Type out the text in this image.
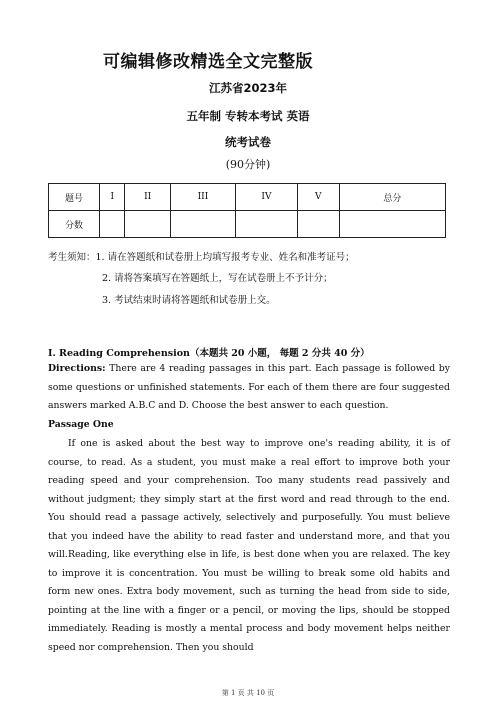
可编辑修改精选全文完整版
江苏省2023年
五年制 专转本考试 英语
统考试卷
(90分钟)
题号	I	II	III	IV	V	总分
分数						
考生须知：1. 请在答题纸和试卷册上均填写报考专业、姓名和准考证号；
2. 请将答案填写在答题纸上，写在试卷册上不予计分；
3. 考试结束时请将答题纸和试卷册上交。
I. Reading Comprehension（本题共 20 小题， 每题 2 分共 40 分）
Directions: There are 4 reading passages in this part. Each passage is followed by some questions or unfinished statements. For each of them there are four suggested answers marked A.B.C and D. Choose the best answer to each question.
Passage One
If one is asked about the best way to improve one's reading ability, it is of course, to read. As a student, you must make a real effort to improve both your reading speed and your comprehension. Too many students read passively and without judgment; they simply start at the first word and read through to the end. You should read a passage actively, selectively and purposefully. You must believe that you indeed have the ability to read faster and understand more, and that you will. Reading, like everything else in life, is best done when you are relaxed. The key to improve it is concentration. You must be willing to break some old habits and form new ones. Extra body movement, such as turning the head from side to side, pointing at the line with a finger or a pencil, or moving the lips, should be stopped immediately. Reading is mostly a mental process and body movement helps neither speed nor comprehension. Then you should
第 1 页 共 10 页
